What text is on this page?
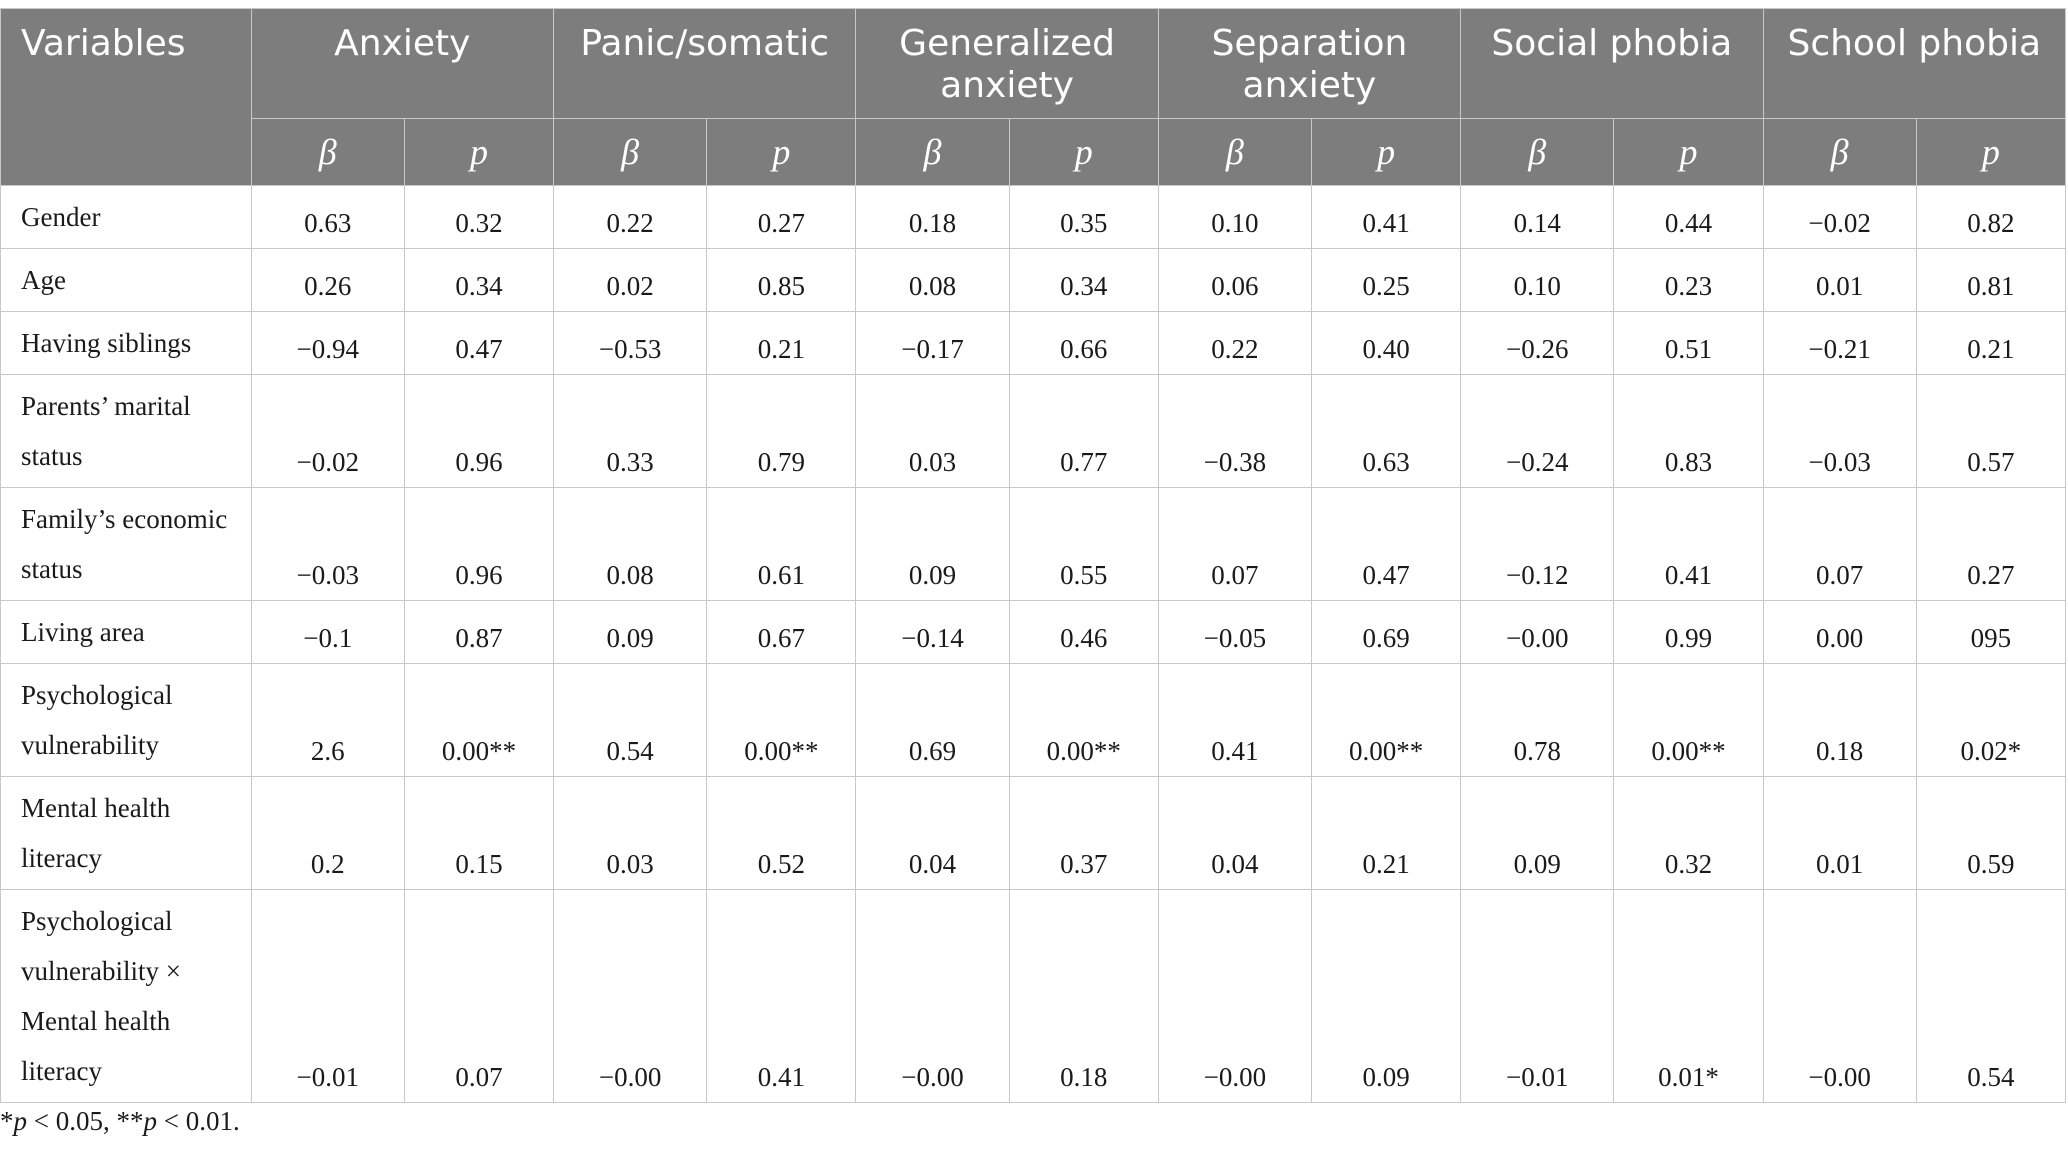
Variables	Anxiety		Panic/somatic		Generalized anxiety		Separation anxiety		Social phobia		School phobia	
	β	p	β	p	β	p	β	p	β	p	β	p
Gender	0.63	0.32	0.22	0.27	0.18	0.35	0.10	0.41	0.14	0.44	−0.02	0.82
Age	0.26	0.34	0.02	0.85	0.08	0.34	0.06	0.25	0.10	0.23	0.01	0.81
Having siblings	−0.94	0.47	−0.53	0.21	−0.17	0.66	0.22	0.40	−0.26	0.51	−0.21	0.21
Parents’ marital status	−0.02	0.96	0.33	0.79	0.03	0.77	−0.38	0.63	−0.24	0.83	−0.03	0.57
Family’s economic status	−0.03	0.96	0.08	0.61	0.09	0.55	0.07	0.47	−0.12	0.41	0.07	0.27
Living area	−0.1	0.87	0.09	0.67	−0.14	0.46	−0.05	0.69	−0.00	0.99	0.00	095
Psychological vulnerability	2.6	0.00**	0.54	0.00**	0.69	0.00**	0.41	0.00**	0.78	0.00**	0.18	0.02*
Mental health literacy	0.2	0.15	0.03	0.52	0.04	0.37	0.04	0.21	0.09	0.32	0.01	0.59
Psychological vulnerability × Mental health literacy	−0.01	0.07	−0.00	0.41	−0.00	0.18	−0.00	0.09	−0.01	0.01*	−0.00	0.54
*p < 0.05, **p < 0.01.
